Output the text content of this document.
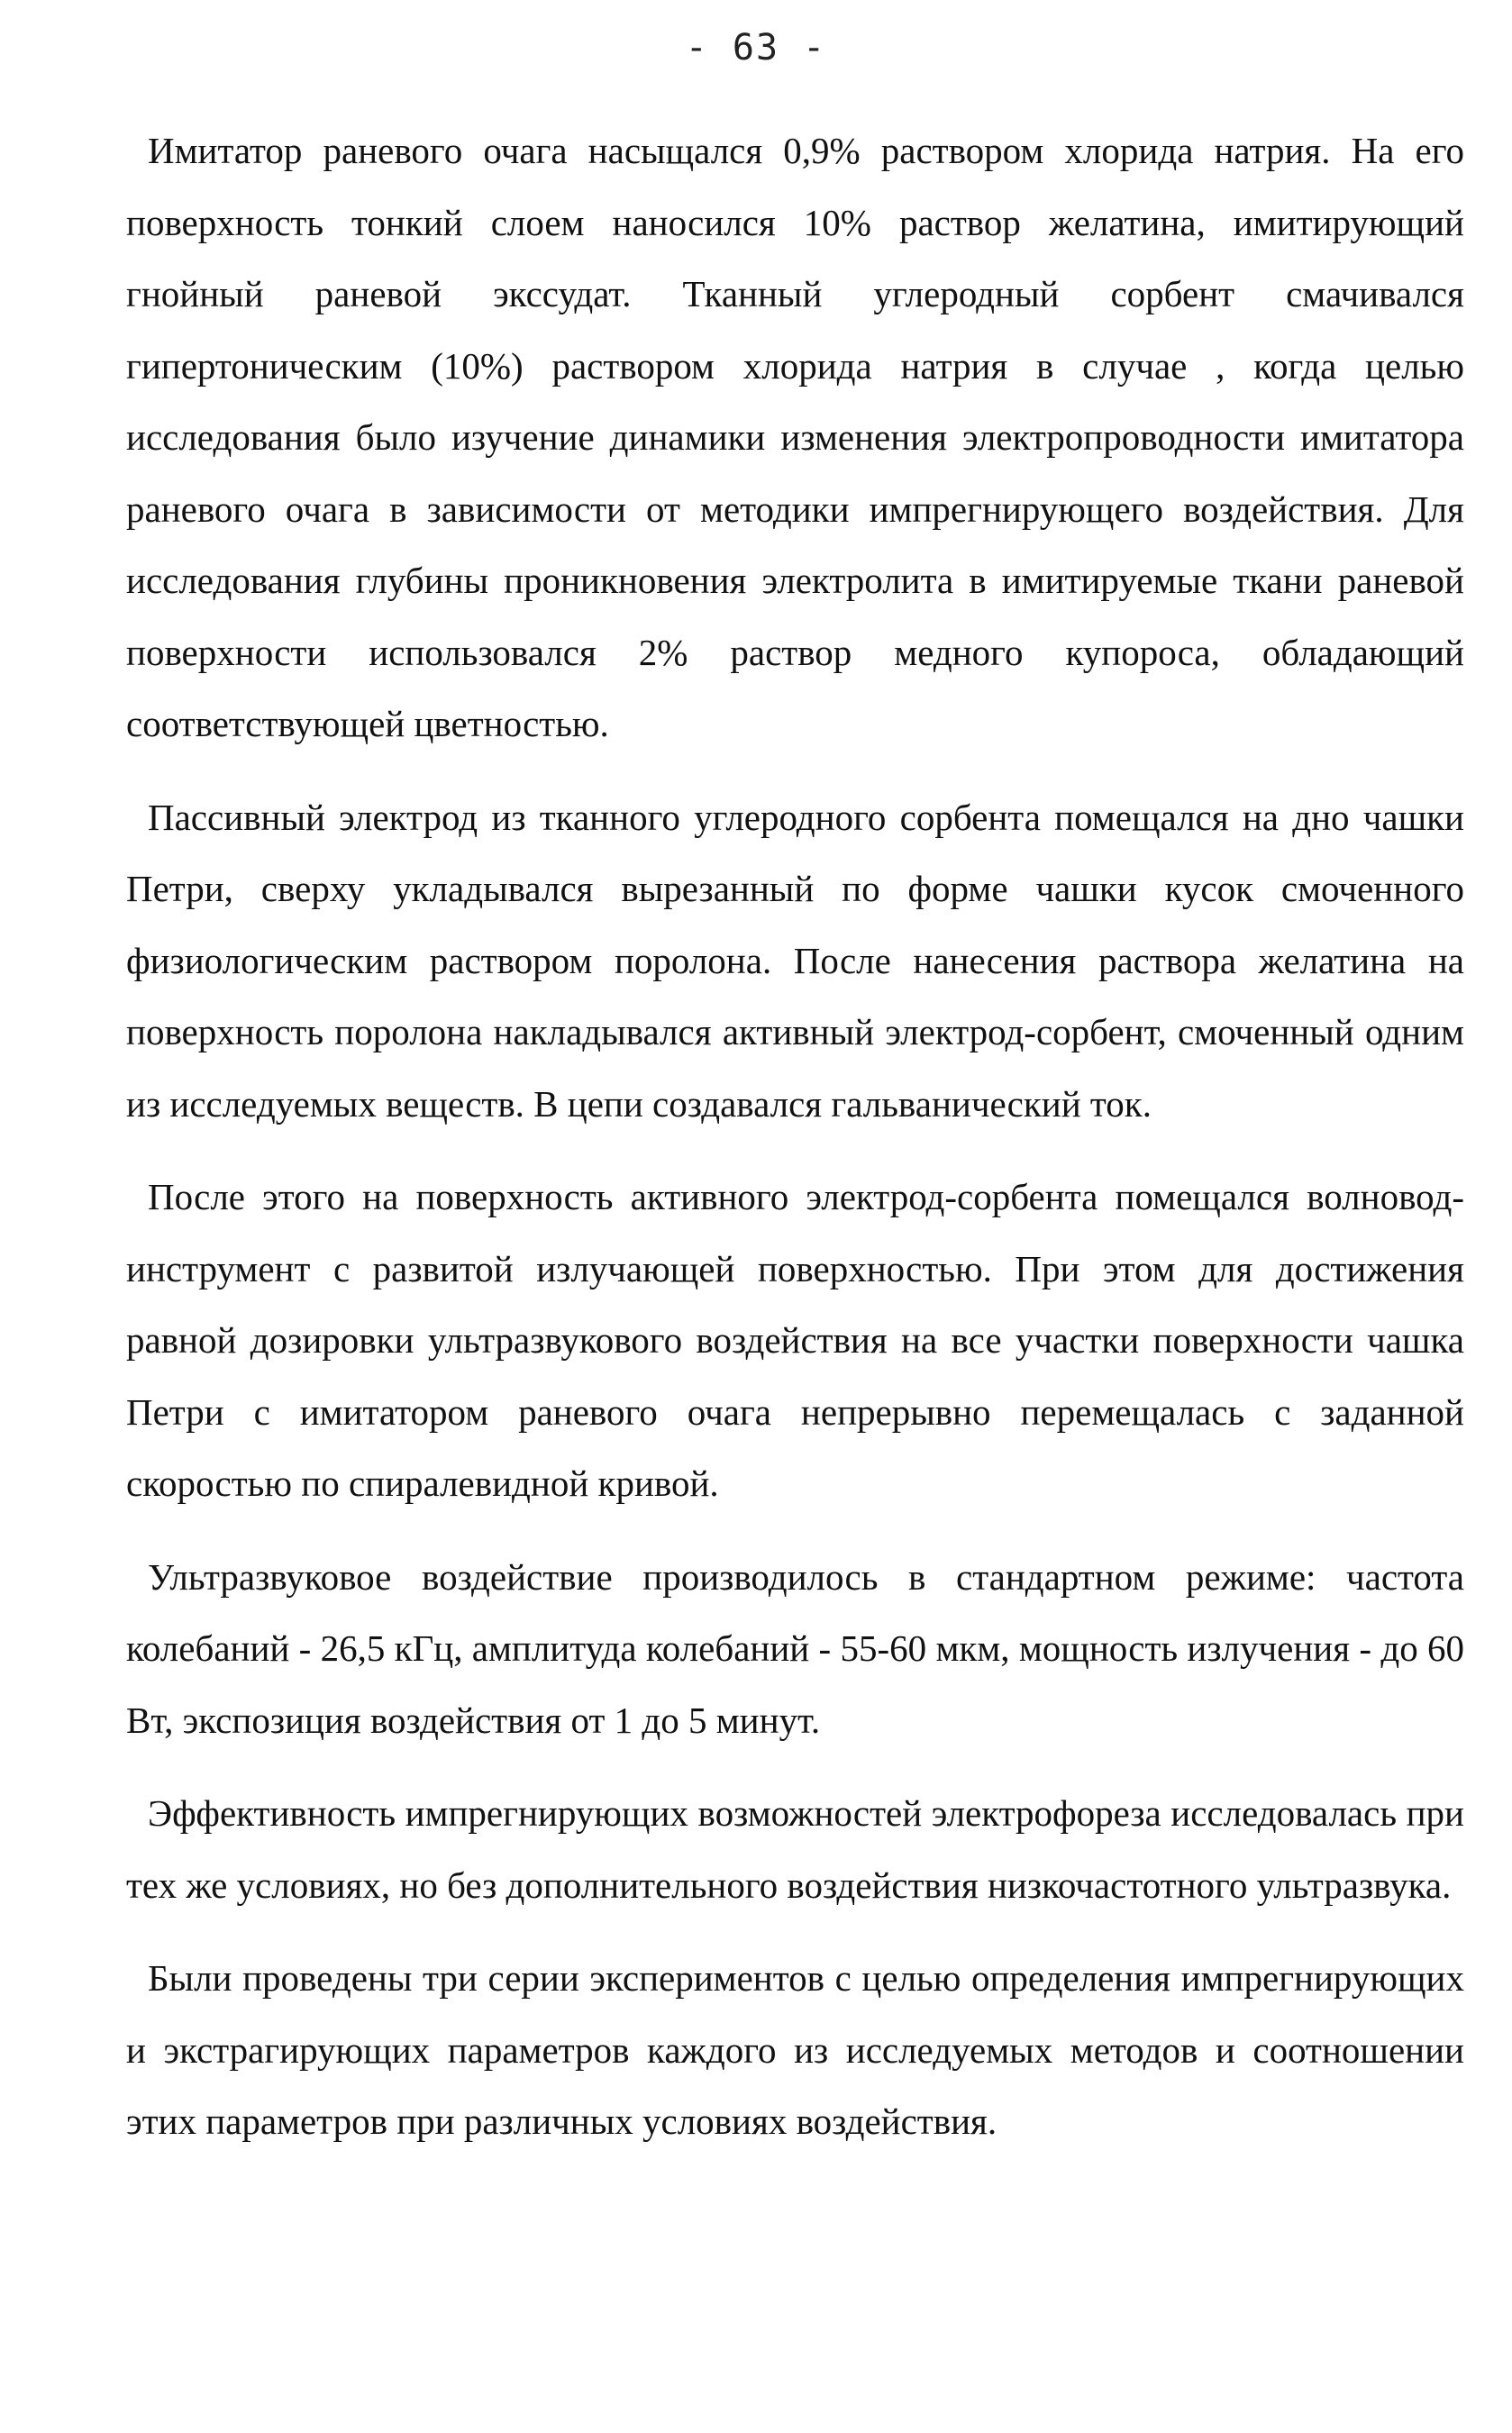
- 63 -

Имитатор раневого очага насыщался 0,9% раствором хлорида натрия. На его поверхность тонкий слоем наносился 10% раствор желатина, имитирующий гнойный раневой экссудат. Тканный углеродный сорбент смачивался гипертоническим (10%) раствором хлорида натрия в случае , когда целью исследования было изучение динамики изменения электропроводности имитатора раневого очага в зависимости от методики импрегнирующего воздействия. Для исследования глубины проникновения электролита в имитируемые ткани раневой поверхности использовался 2% раствор медного купороса, обладающий соответствующей цветностью.

Пассивный электрод из тканного углеродного сорбента помещался на дно чашки Петри, сверху укладывался вырезанный по форме чашки кусок смоченного физиологическим раствором поролона. После нанесения раствора желатина на поверхность поролона накладывался активный электрод-сорбент, смоченный одним из исследуемых веществ. В цепи создавался гальванический ток.

После этого на поверхность активного электрод-сорбента помещался волновод-инструмент с развитой излучающей поверхностью. При этом для достижения равной дозировки ультразвукового воздействия на все участки поверхности чашка Петри с имитатором раневого очага непрерывно перемещалась с заданной скоростью по спиралевидной кривой.

Ультразвуковое воздействие производилось в стандартном режиме: частота колебаний - 26,5 кГц, амплитуда колебаний - 55-60 мкм, мощность излучения - до 60 Вт, экспозиция воздействия от 1 до 5 минут.

Эффективность импрегнирующих возможностей электрофореза исследовалась при тех же условиях, но без дополнительного воздействия низкочастотного ультразвука.

Были проведены три серии экспериментов с целью определения импрегнирующих и экстрагирующих параметров каждого из исследуемых методов и соотношении этих параметров при различных условиях воздействия.
